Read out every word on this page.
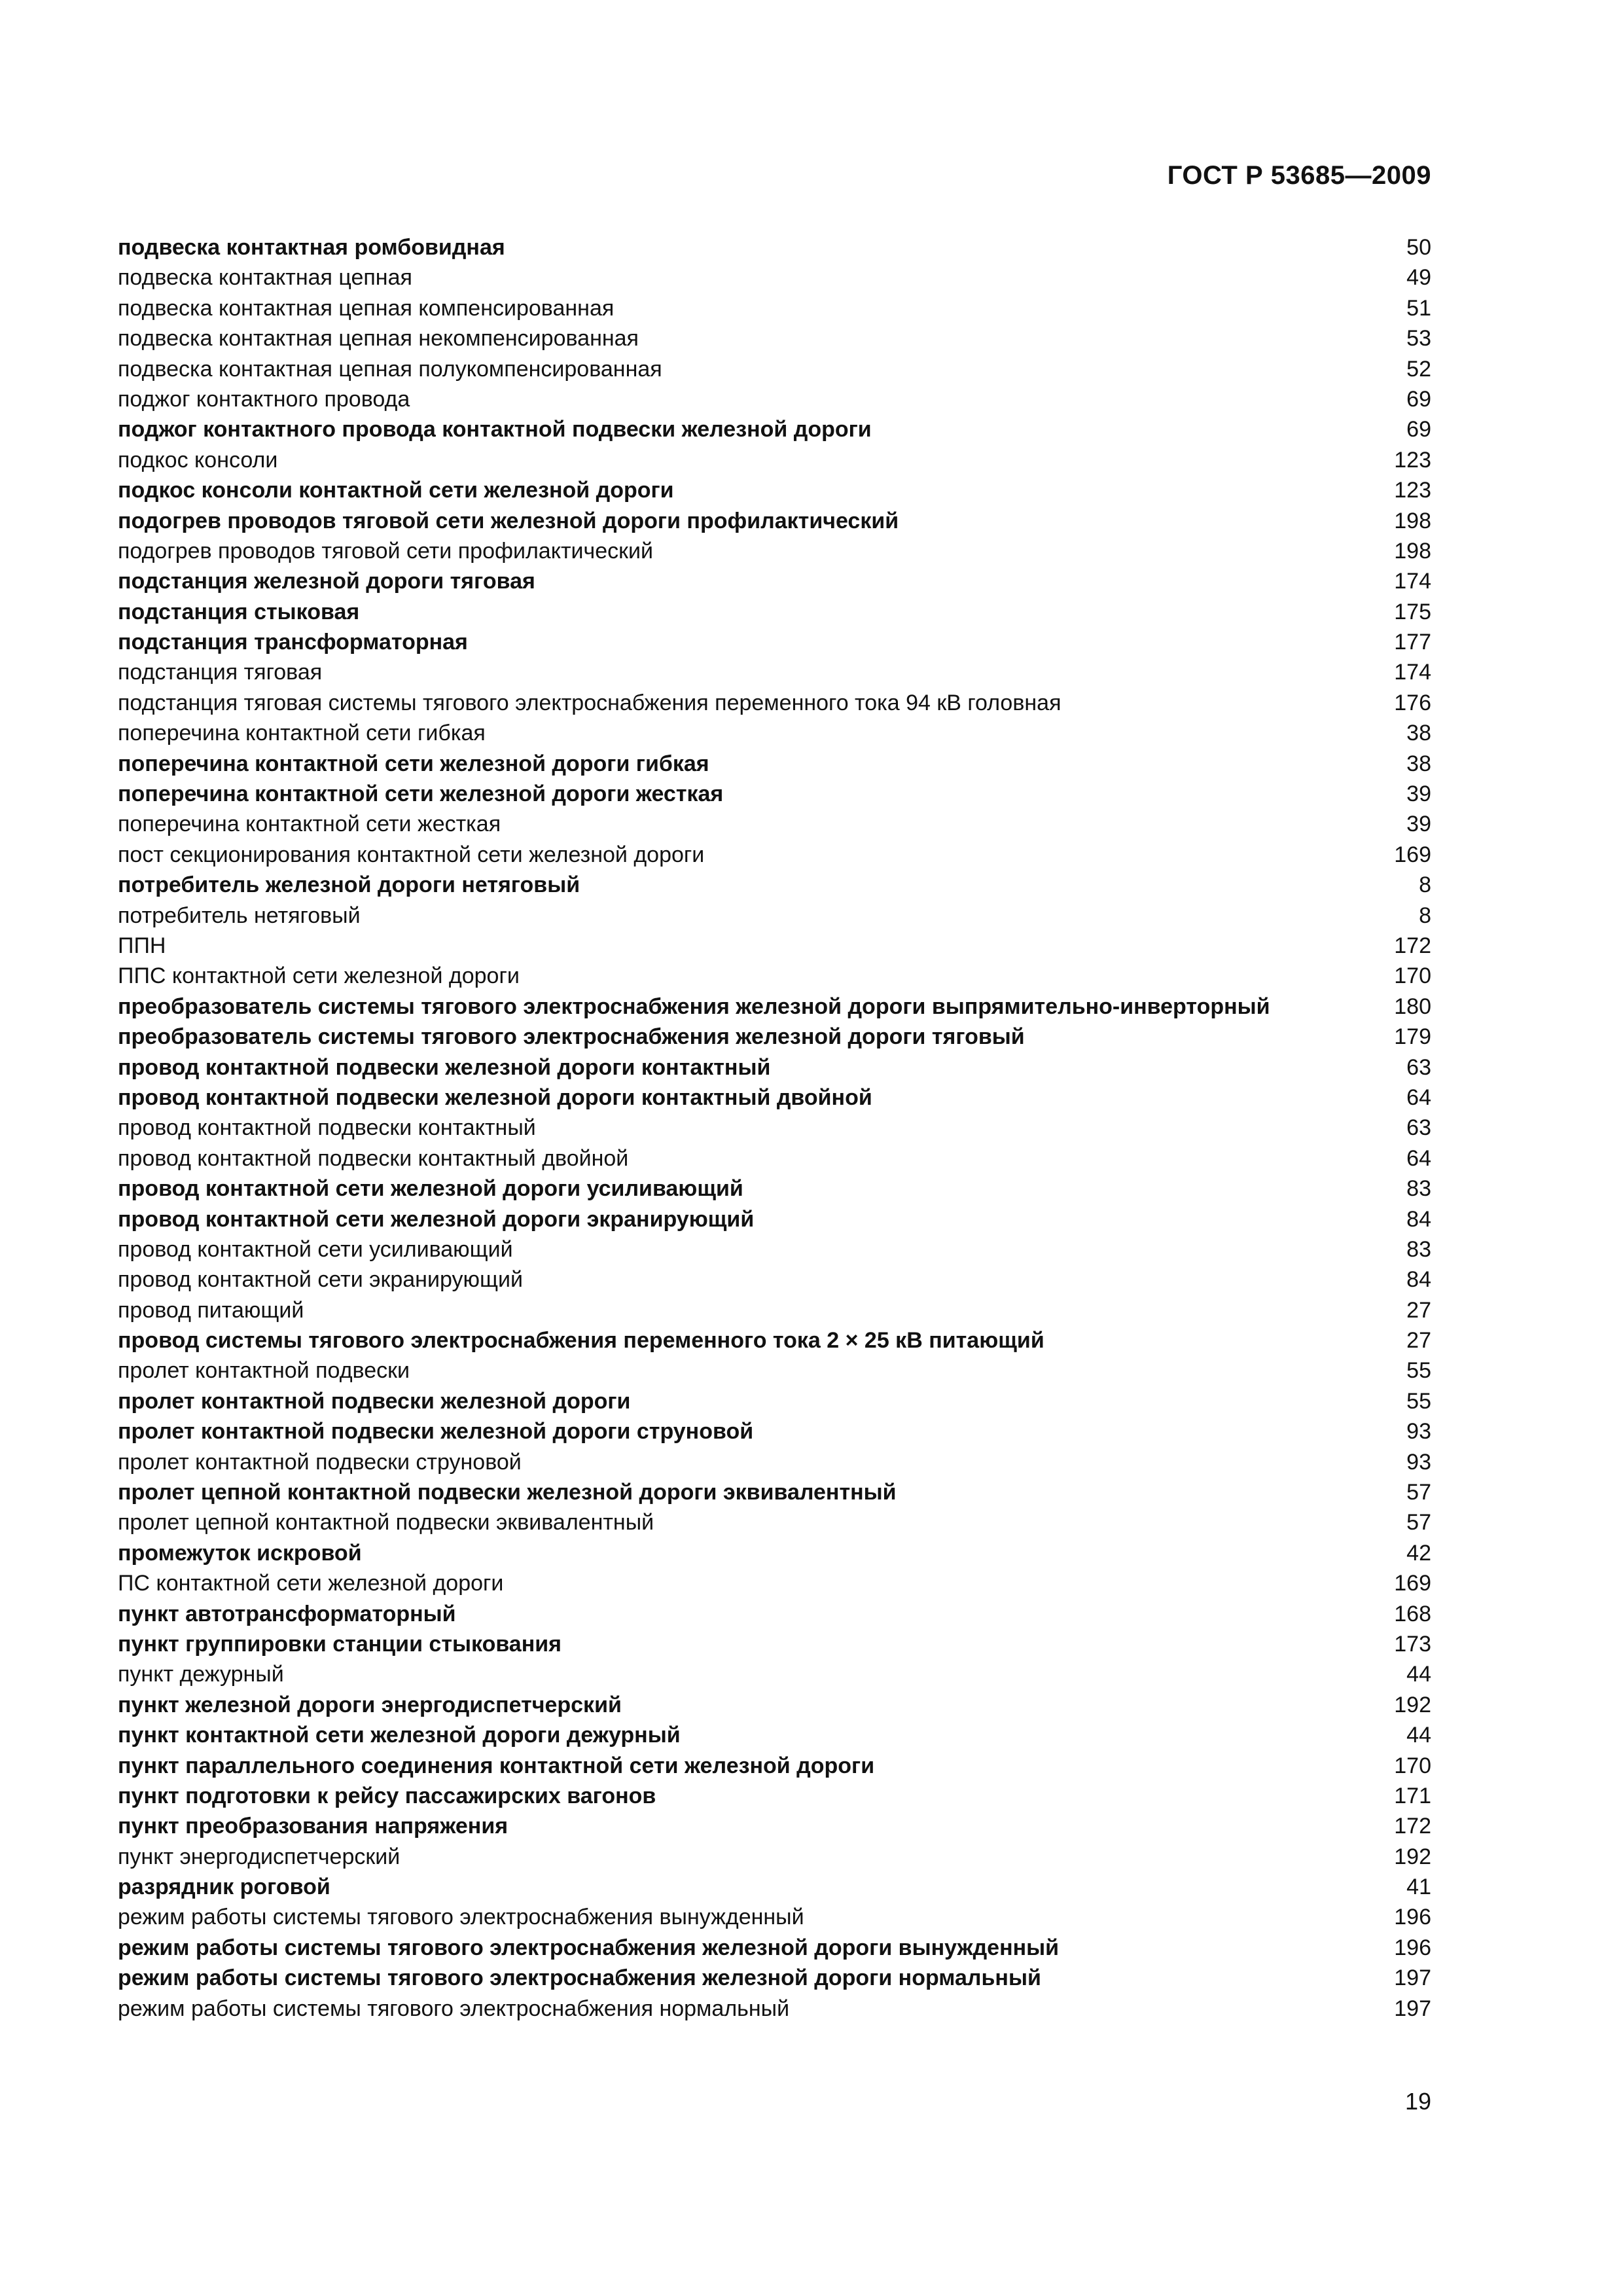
ГОСТ Р 53685—2009
подвеска контактная ромбовидная	50
подвеска контактная цепная	49
подвеска контактная цепная компенсированная	51
подвеска контактная цепная некомпенсированная	53
подвеска контактная цепная полукомпенсированная	52
поджог контактного провода	69
поджог контактного провода контактной подвески железной дороги	69
подкос консоли	123
подкос консоли контактной сети железной дороги	123
подогрев проводов тяговой сети железной дороги профилактический	198
подогрев проводов тяговой сети профилактический	198
подстанция железной дороги тяговая	174
подстанция стыковая	175
подстанция трансформаторная	177
подстанция тяговая	174
подстанция тяговая системы тягового электроснабжения переменного тока 94 кВ головная	176
поперечина контактной сети гибкая	38
поперечина контактной сети железной дороги гибкая	38
поперечина контактной сети железной дороги жесткая	39
поперечина контактной сети жесткая	39
пост секционирования контактной сети железной дороги	169
потребитель железной дороги нетяговый	8
потребитель нетяговый	8
ППН	172
ППС контактной сети железной дороги	170
преобразователь системы тягового электроснабжения железной дороги выпрямительно-инверторный	180
преобразователь системы тягового электроснабжения железной дороги тяговый	179
провод контактной подвески железной дороги контактный	63
провод контактной подвески железной дороги контактный двойной	64
провод контактной подвески контактный	63
провод контактной подвески контактный двойной	64
провод контактной сети железной дороги усиливающий	83
провод контактной сети железной дороги экранирующий	84
провод контактной сети усиливающий	83
провод контактной сети экранирующий	84
провод питающий	27
провод системы тягового электроснабжения переменного тока 2 × 25 кВ питающий	27
пролет контактной подвески	55
пролет контактной подвески железной дороги	55
пролет контактной подвески железной дороги струновой	93
пролет контактной подвески струновой	93
пролет цепной контактной подвески железной дороги эквивалентный	57
пролет цепной контактной подвески эквивалентный	57
промежуток искровой	42
ПС контактной сети железной дороги	169
пункт автотрансформаторный	168
пункт группировки станции стыкования	173
пункт дежурный	44
пункт железной дороги энергодиспетчерский	192
пункт контактной сети железной дороги дежурный	44
пункт параллельного соединения контактной сети железной дороги	170
пункт подготовки к рейсу пассажирских вагонов	171
пункт преобразования напряжения	172
пункт энергодиспетчерский	192
разрядник роговой	41
режим работы системы тягового электроснабжения вынужденный	196
режим работы системы тягового электроснабжения железной дороги вынужденный	196
режим работы системы тягового электроснабжения железной дороги нормальный	197
режим работы системы тягового электроснабжения нормальный	197
19
